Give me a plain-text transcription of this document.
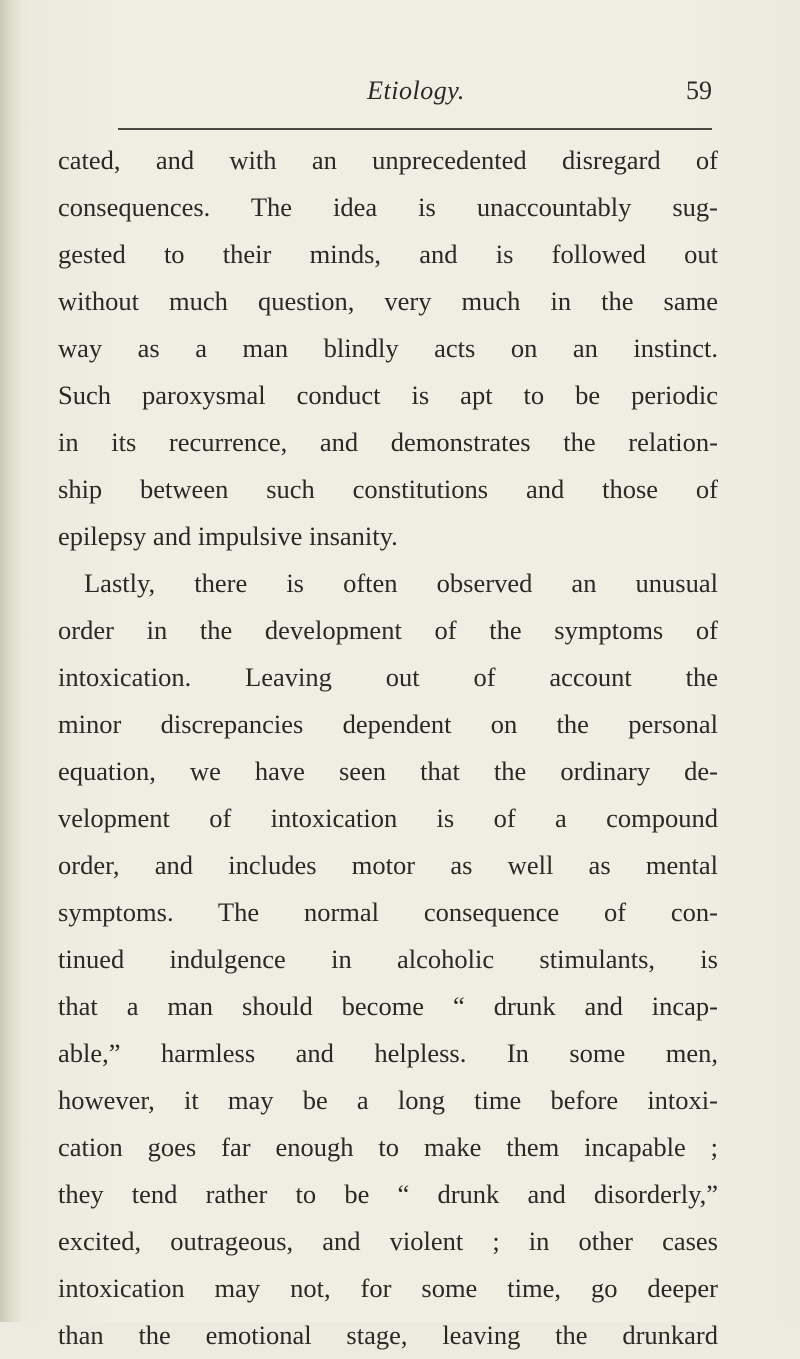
Etiology.	59
cated, and with an unprecedented disregard of
consequences. The idea is unaccountably sug-
gested to their minds, and is followed out
without much question, very much in the same
way as a man blindly acts on an instinct.
Such paroxysmal conduct is apt to be periodic
in its recurrence, and demonstrates the relation-
ship between such constitutions and those of
epilepsy and impulsive insanity.
Lastly, there is often observed an unusual
order in the development of the symptoms of
intoxication. Leaving out of account the
minor discrepancies dependent on the personal
equation, we have seen that the ordinary de-
velopment of intoxication is of a compound
order, and includes motor as well as mental
symptoms. The normal consequence of con-
tinued indulgence in alcoholic stimulants, is
that a man should become “ drunk and incap-
able,” harmless and helpless. In some men,
however, it may be a long time before intoxi-
cation goes far enough to make them incapable ;
they tend rather to be “ drunk and disorderly,”
excited, outrageous, and violent ; in other cases
intoxication may not, for some time, go deeper
than the emotional stage, leaving the drunkard
